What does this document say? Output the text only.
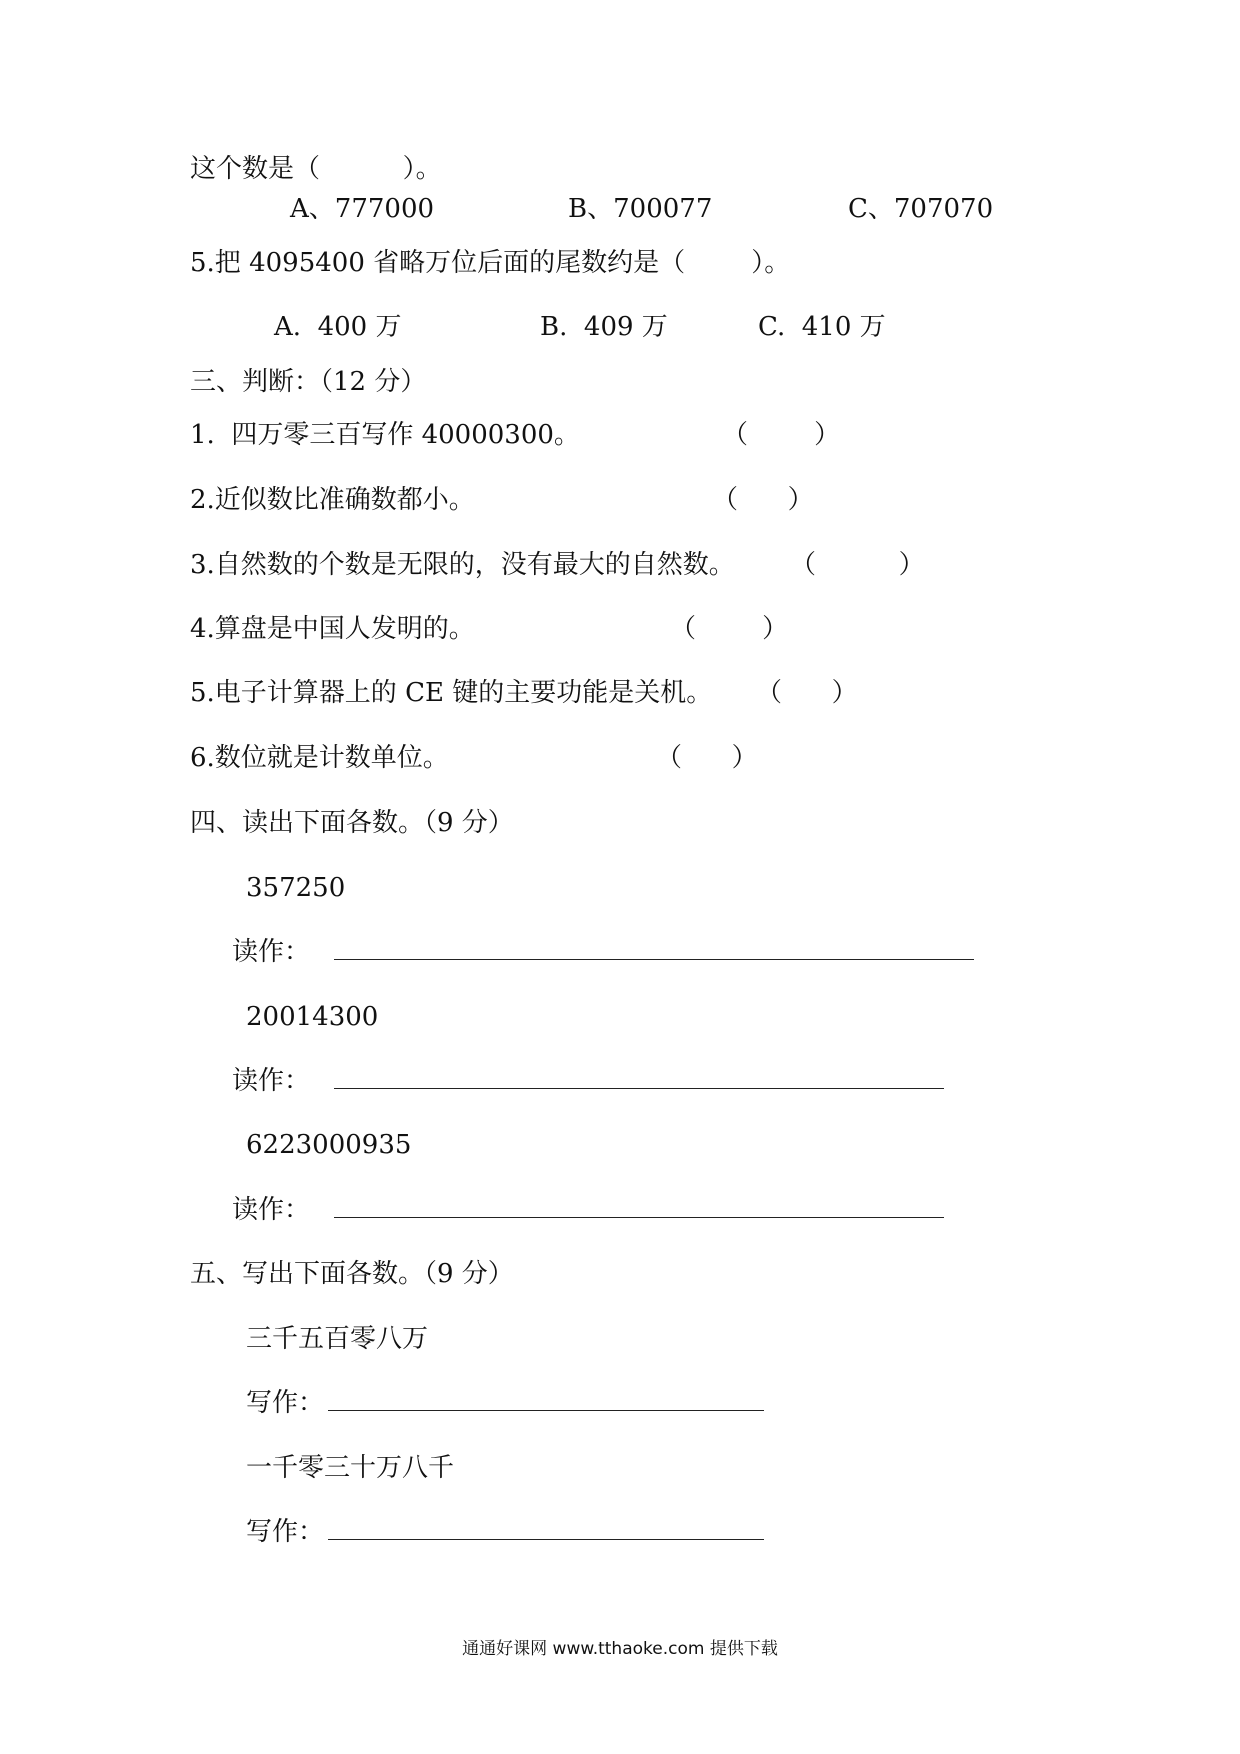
这个数是（          ）。
A、777000	B、700077	C、707070
5.把 4095400 省略万位后面的尾数约是（        ）。
A.  400 万	B.  409 万	C.  410 万
三、判断：（12 分）
1.  四万零三百写作 40000300。	（        ）
2.近似数比准确数都小。	（      ）
3.自然数的个数是无限的，没有最大的自然数。 （          ）
4.算盘是中国人发明的。	（        ）
5.电子计算器上的 CE 键的主要功能是关机。 （      ）
6.数位就是计数单位。	（      ）
四、读出下面各数。（9 分）
357250
读作：
20014300
读作：
6223000935
读作：
五、写出下面各数。（9 分）
三千五百零八万
写作：
一千零三十万八千
写作：
通通好课网 www.tthaoke.com 提供下载
